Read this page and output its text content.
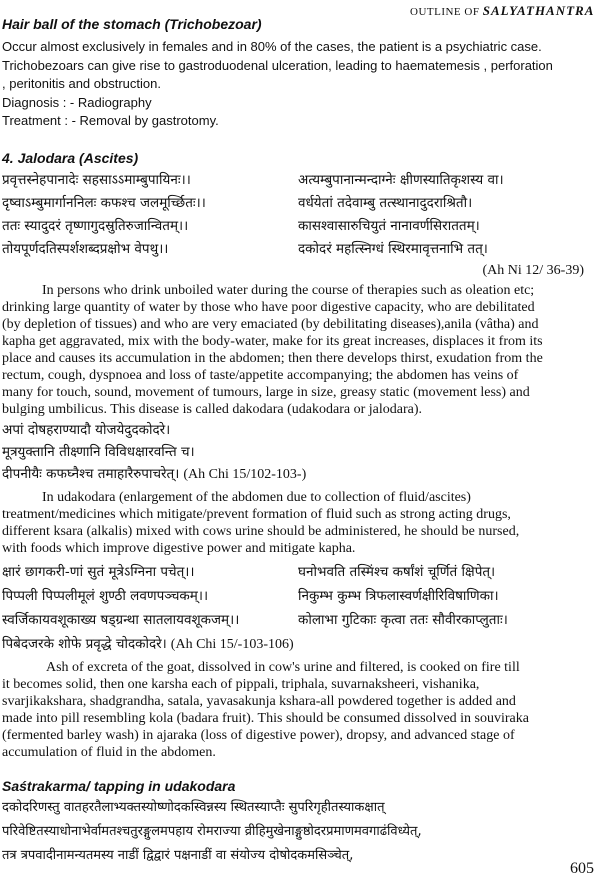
OUTLINE OF SALYATHANTRA
Hair ball of the stomach (Trichobezoar)
Occur almost exclusively in females and in 80% of the cases, the patient is a psychiatric case.
Trichobezoars can give rise to gastroduodenal ulceration, leading to haematemesis , perforation
, peritonitis and obstruction.
Diagnosis : - Radiography
Treatment : - Removal by gastrotomy.
4. Jalodara (Ascites)
प्रवृत्तस्नेहपानादेः सहसाऽऽमाम्बुपायिनः।।	अत्यम्बुपानान्मन्दाग्नेः क्षीणस्यातिकृशस्य वा।
दृष्वाऽम्बुमार्गाननिलः कफश्च जलमूर्च्छितः।।	वर्धयेतां तदेवाम्बु तत्स्थानादुदराश्रितौ।
ततः स्यादुदरं तृष्णागुदस्रुतिरुजान्वितम्।।	कासश्वासारुचियुतं नानावर्णसिराततम्।
तोयपूर्णदतिस्पर्शशब्दप्रक्षोभ वेपथु।।	दकोदरं महत्स्निग्धं स्थिरमावृत्तनाभि तत्।
(Ah Ni 12/ 36-39)
In persons who drink unboiled water during the course of therapies such as oleation etc;
drinking large quantity of water by those who have poor digestive capacity, who are debilitated
(by depletion of tissues) and who are very emaciated (by debilitating diseases),anila (vâtha) and
kapha get aggravated, mix with the body-water, make for its great increases, displaces it from its
place and causes its accumulation in the abdomen; then there develops thirst, exudation from the
rectum, cough, dyspnoea and loss of taste/appetite accompanying; the abdomen has veins of
many for touch, sound, movement of tumours, large in size, greasy static (movement less) and
bulging umbilicus. This disease is called dakodara (udakodara or jalodara).
अपां दोषहराण्यादौ योजयेदुदकोदरे।
मूत्रयुक्तानि तीक्ष्णानि विविधक्षारवन्ति च।
दीपनीयैः कफघ्नैश्च तमाहारैरुपाचरेत्। (Ah Chi 15/102-103-)
In udakodara (enlargement of the abdomen due to collection of fluid/ascites)
treatment/medicines which mitigate/prevent formation of fluid such as strong acting drugs,
different ksara (alkalis) mixed with cows urine should be administered, he should be nursed,
with foods which improve digestive power and mitigate kapha.
क्षारं छागकरी-णां सुतं मूत्रेऽग्निना पचेत्।।	घनोभवति तस्मिंश्च कर्षांशं चूर्णितं क्षिपेत्।
पिप्पली पिप्पलीमूलं शुण्ठी लवणपञ्चकम्।।	निकुम्भ कुम्भ त्रिफलास्वर्णक्षीरिविषाणिका।
स्वर्जिकायवशूकाख्य षड्ग्रन्था सातलायवशूकजम्।।	कोलाभा गुटिकाः कृत्वा ततः सौवीरकाप्लुताः।
पिबेदजरके शोफे प्रवृद्धे चोदकोदरे। (Ah Chi 15/-103-106)
Ash of excreta of the goat, dissolved in cow's urine and filtered, is cooked on fire till
it becomes solid, then one karsha each of pippali, triphala, suvarnaksheeri, vishanika,
svarjikakshara, shadgrandha, satala, yavasakunja kshara-all powdered together is added and
made into pill resembling kola (badara fruit). This should be consumed dissolved in souviraka
(fermented barley wash) in ajaraka (loss of digestive power), dropsy, and advanced stage of
accumulation of fluid in the abdomen.
Saśtrakarma/ tapping in udakodara
दकोदरिणस्तु वातहरतैलाभ्यक्तस्योष्णोदकस्विन्नस्य स्थितस्याप्तैः सुपरिगृहीतस्याकक्षात्
परिवेष्टितस्याधोनाभेर्वामतश्चतुरङ्गुलमपहाय रोमराज्या व्रीहिमुखेनाङ्गुष्ठोदरप्रमाणमवगाढंविध्येत्,
तत्र त्रपवादीनामन्यतमस्य नाडीं द्विद्वारं पक्षनाडीं वा संयोज्य दोषोदकमसिञ्चेत्,
605
